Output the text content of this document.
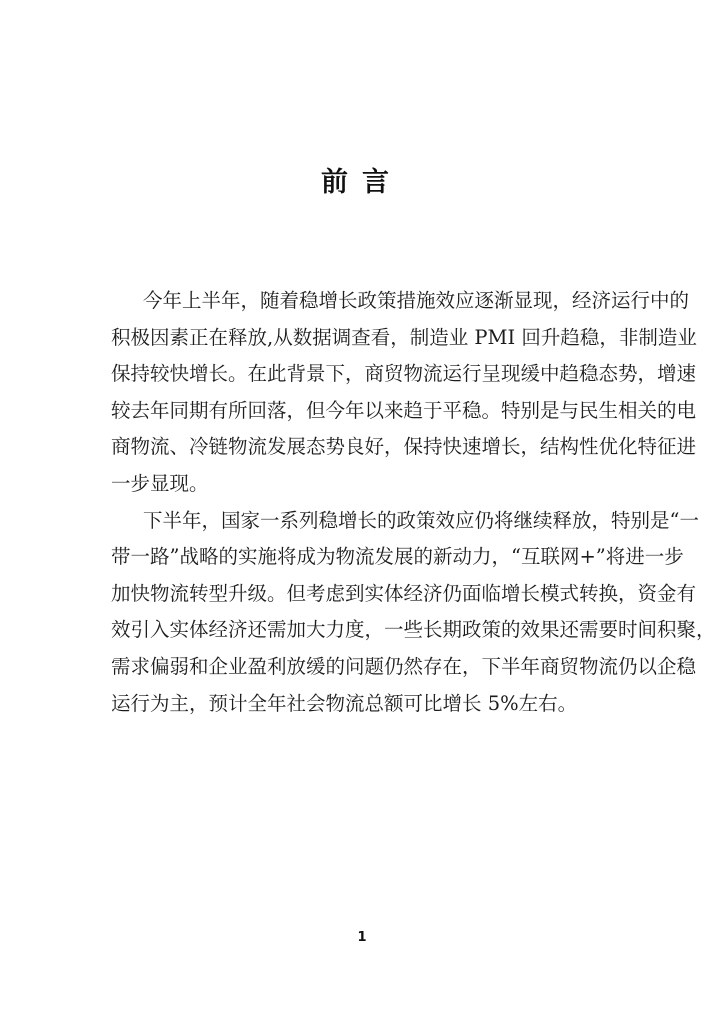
前言
今年上半年，随着稳增长政策措施效应逐渐显现，经济运行中的
积极因素正在释放,从数据调查看，制造业 PMI 回升趋稳，非制造业
保持较快增长。在此背景下，商贸物流运行呈现缓中趋稳态势，增速
较去年同期有所回落，但今年以来趋于平稳。特别是与民生相关的电
商物流、冷链物流发展态势良好，保持快速增长，结构性优化特征进
一步显现。
下半年，国家一系列稳增长的政策效应仍将继续释放，特别是“一
带一路”战略的实施将成为物流发展的新动力，“互联网+”将进一步
加快物流转型升级。但考虑到实体经济仍面临增长模式转换，资金有
效引入实体经济还需加大力度，一些长期政策的效果还需要时间积聚，
需求偏弱和企业盈利放缓的问题仍然存在，下半年商贸物流仍以企稳
运行为主，预计全年社会物流总额可比增长 5%左右。
1
